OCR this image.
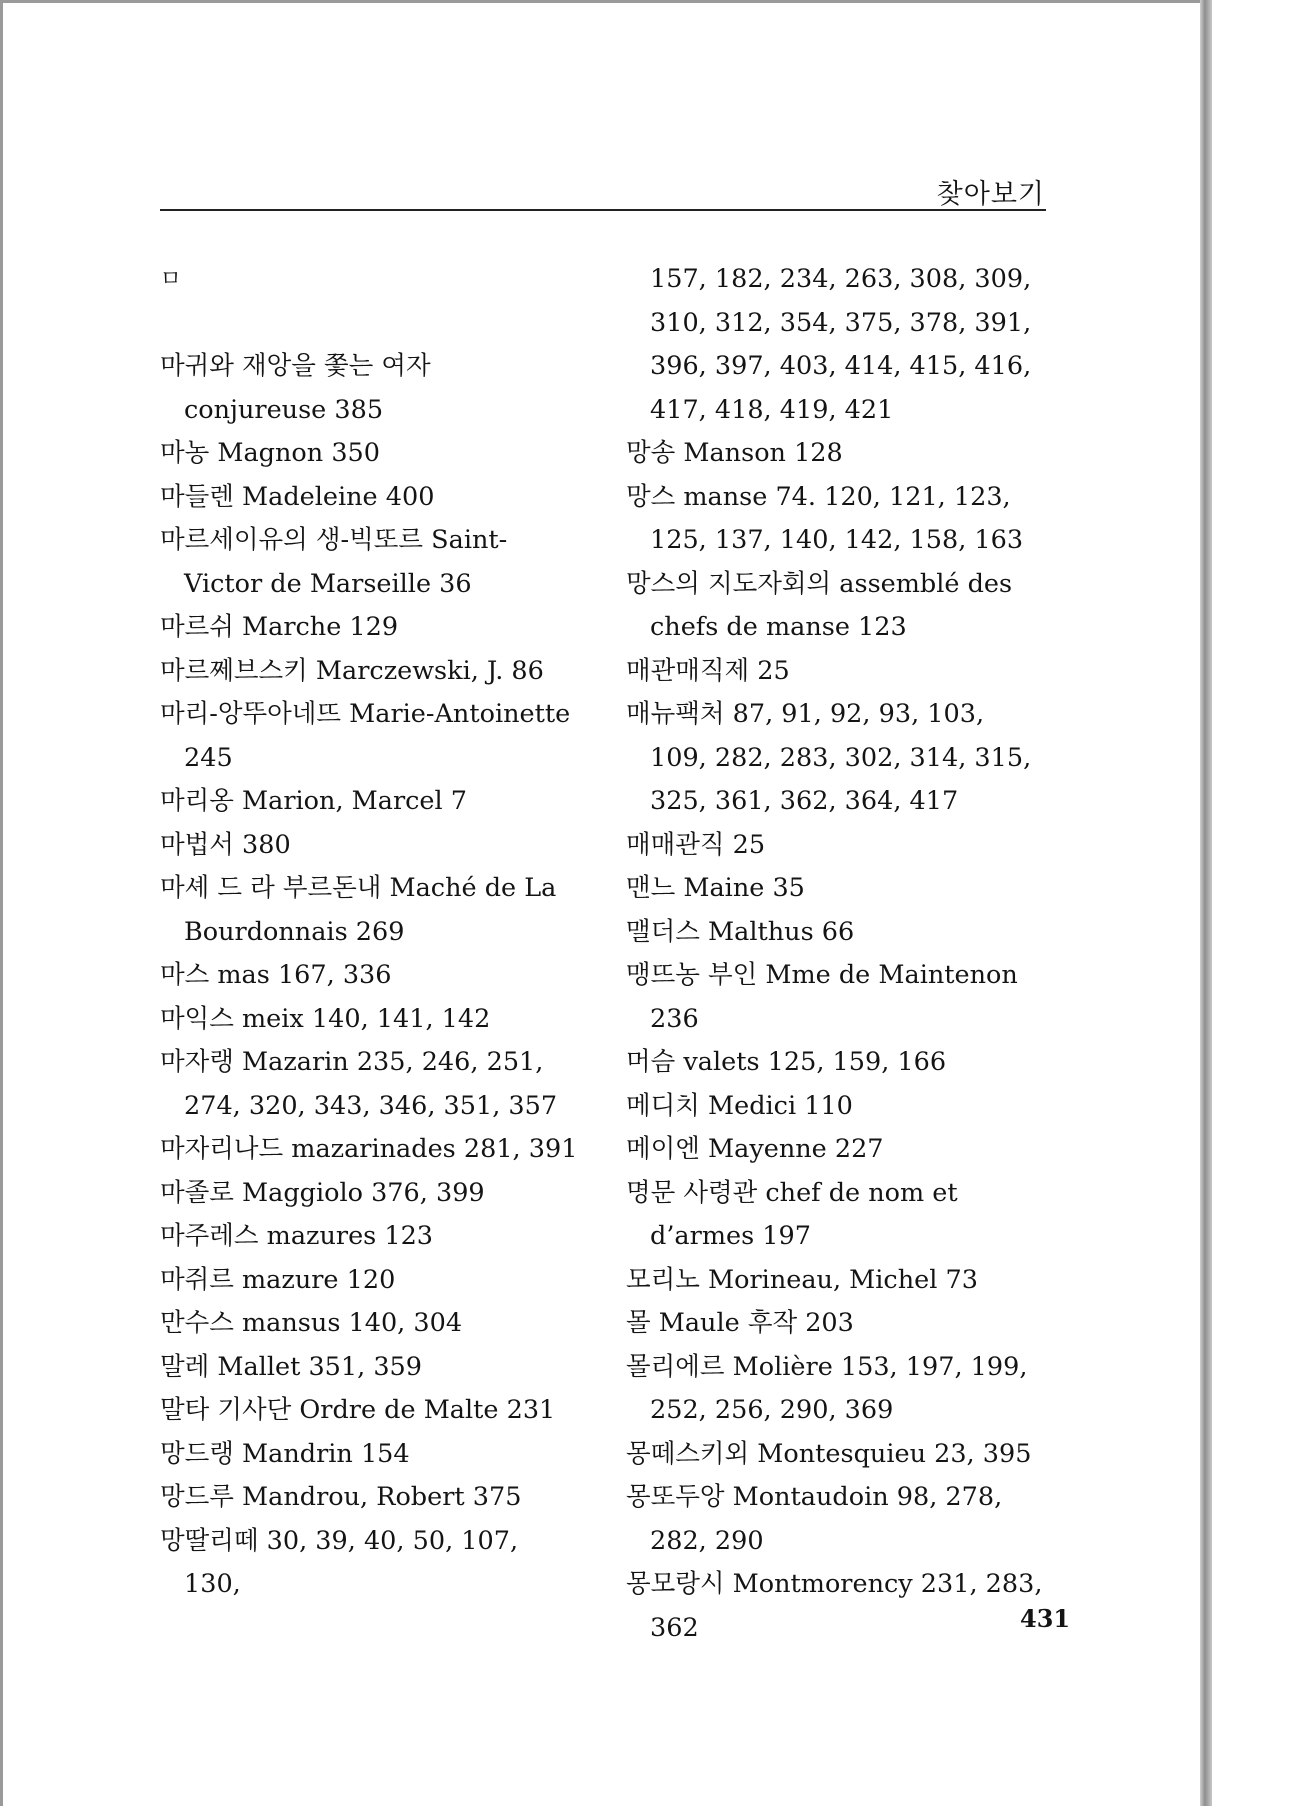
찾아보기
ㅁ
마귀와 재앙을 쫓는 여자 conjureuse 385
마농 Magnon 350
마들렌 Madeleine 400
마르세이유의 생-빅또르 Saint-Victor de Marseille 36
마르쉬 Marche 129
마르쩨브스키 Marczewski, J. 86
마리-앙뚜아네뜨 Marie-Antoinette 245
마리옹 Marion, Marcel 7
마법서 380
마셰 드 라 부르돈내 Maché de La Bourdonnais 269
마스 mas 167, 336
마익스 meix 140, 141, 142
마자랭 Mazarin 235, 246, 251, 274, 320, 343, 346, 351, 357
마자리나드 mazarinades 281, 391
마졸로 Maggiolo 376, 399
마주레스 mazures 123
마쥐르 mazure 120
만수스 mansus 140, 304
말레 Mallet 351, 359
말타 기사단 Ordre de Malte 231
망드랭 Mandrin 154
망드루 Mandrou, Robert 375
망딸리떼 30, 39, 40, 50, 107, 130,
157, 182, 234, 263, 308, 309, 310, 312, 354, 375, 378, 391, 396, 397, 403, 414, 415, 416, 417, 418, 419, 421
망송 Manson 128
망스 manse 74. 120, 121, 123, 125, 137, 140, 142, 158, 163
망스의 지도자회의 assemblé des chefs de manse 123
매관매직제 25
매뉴팩처 87, 91, 92, 93, 103, 109, 282, 283, 302, 314, 315, 325, 361, 362, 364, 417
매매관직 25
맨느 Maine 35
맬더스 Malthus 66
맹뜨농 부인 Mme de Maintenon 236
머슴 valets 125, 159, 166
메디치 Medici 110
메이엔 Mayenne 227
명문 사령관 chef de nom et d’armes 197
모리노 Morineau, Michel 73
몰 Maule 후작 203
몰리에르 Molière 153, 197, 199, 252, 256, 290, 369
몽떼스키외 Montesquieu 23, 395
몽또두앙 Montaudoin 98, 278, 282, 290
몽모랑시 Montmorency 231, 283, 362	431
